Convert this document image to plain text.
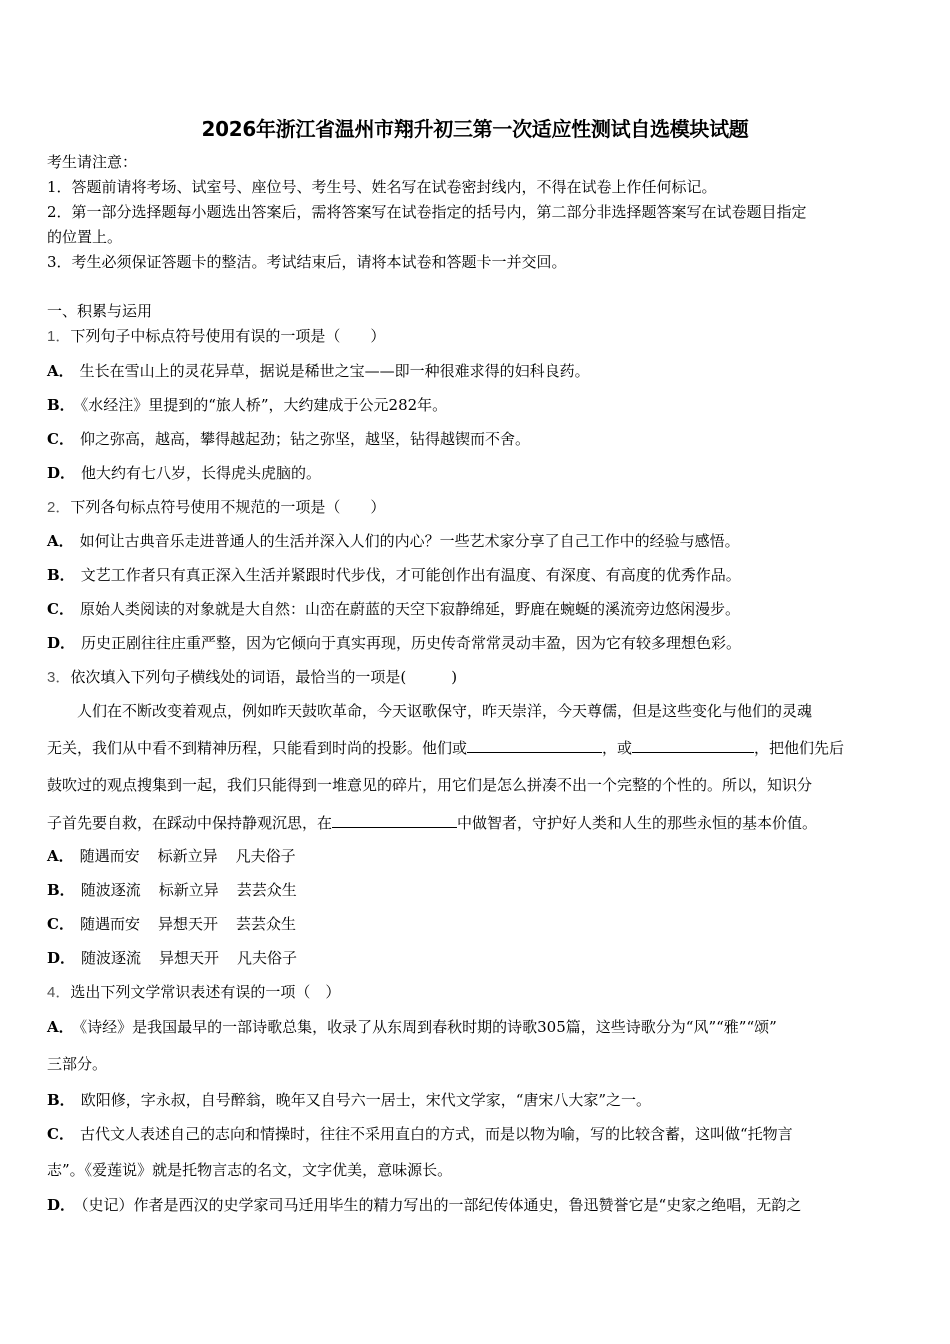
2026年浙江省温州市翔升初三第一次适应性测试自选模块试题
考生请注意：
1．答题前请将考场、试室号、座位号、考生号、姓名写在试卷密封线内，不得在试卷上作任何标记。
2．第一部分选择题每小题选出答案后，需将答案写在试卷指定的括号内，第二部分非选择题答案写在试卷题目指定
的位置上。
3．考生必须保证答题卡的整洁。考试结束后，请将本试卷和答题卡一并交回。
一、积累与运用
1．下列句子中标点符号使用有误的一项是（　　）
A． 生长在雪山上的灵花异草，据说是稀世之宝——即一种很难求得的妇科良药。
B． 《水经注》里提到的“旅人桥”，大约建成于公元282年。
C． 仰之弥高，越高，攀得越起劲；钻之弥坚，越坚，钻得越锲而不舍。
D． 他大约有七八岁，长得虎头虎脑的。
2．下列各句标点符号使用不规范的一项是（　　）
A． 如何让古典音乐走进普通人的生活并深入人们的内心？一些艺术家分享了自己工作中的经验与感悟。
B． 文艺工作者只有真正深入生活并紧跟时代步伐，才可能创作出有温度、有深度、有高度的优秀作品。
C． 原始人类阅读的对象就是大自然：山峦在蔚蓝的天空下寂静绵延，野鹿在蜿蜒的溪流旁边悠闲漫步。
D． 历史正剧往往庄重严整，因为它倾向于真实再现，历史传奇常常灵动丰盈，因为它有较多理想色彩。
3．依次填入下列句子横线处的词语，最恰当的一项是(　　　)
人们在不断改变着观点，例如昨天鼓吹革命，今天讴歌保守，昨天崇洋，今天尊儒，但是这些变化与他们的灵魂
无关，我们从中看不到精神历程，只能看到时尚的投影。他们或	，或	，把他们先后
鼓吹过的观点搜集到一起，我们只能得到一堆意见的碎片，用它们是怎么拼凑不出一个完整的个性的。所以，知识分
子首先要自救，在踩动中保持静观沉思，在	中做智者，守护好人类和人生的那些永恒的基本价值。
A． 随遇而安 标新立异 凡夫俗子
B． 随波逐流 标新立异 芸芸众生
C． 随遇而安 异想天开 芸芸众生
D． 随波逐流 异想天开 凡夫俗子
4．选出下列文学常识表述有误的一项（　）
A． 《诗经》是我国最早的一部诗歌总集，收录了从东周到春秋时期的诗歌305篇，这些诗歌分为“风”“雅”“颂”
三部分。
B． 欧阳修，字永叔，自号醉翁，晚年又自号六一居士，宋代文学家，“唐宋八大家”之一。
C． 古代文人表述自己的志向和情操时，往往不采用直白的方式，而是以物为喻，写的比较含蓄，这叫做“托物言
志”。《爱莲说》就是托物言志的名文，文字优美，意味源长。
D． （史记）作者是西汉的史学家司马迁用毕生的精力写出的一部纪传体通史，鲁迅赞誉它是“史家之绝唱，无韵之
